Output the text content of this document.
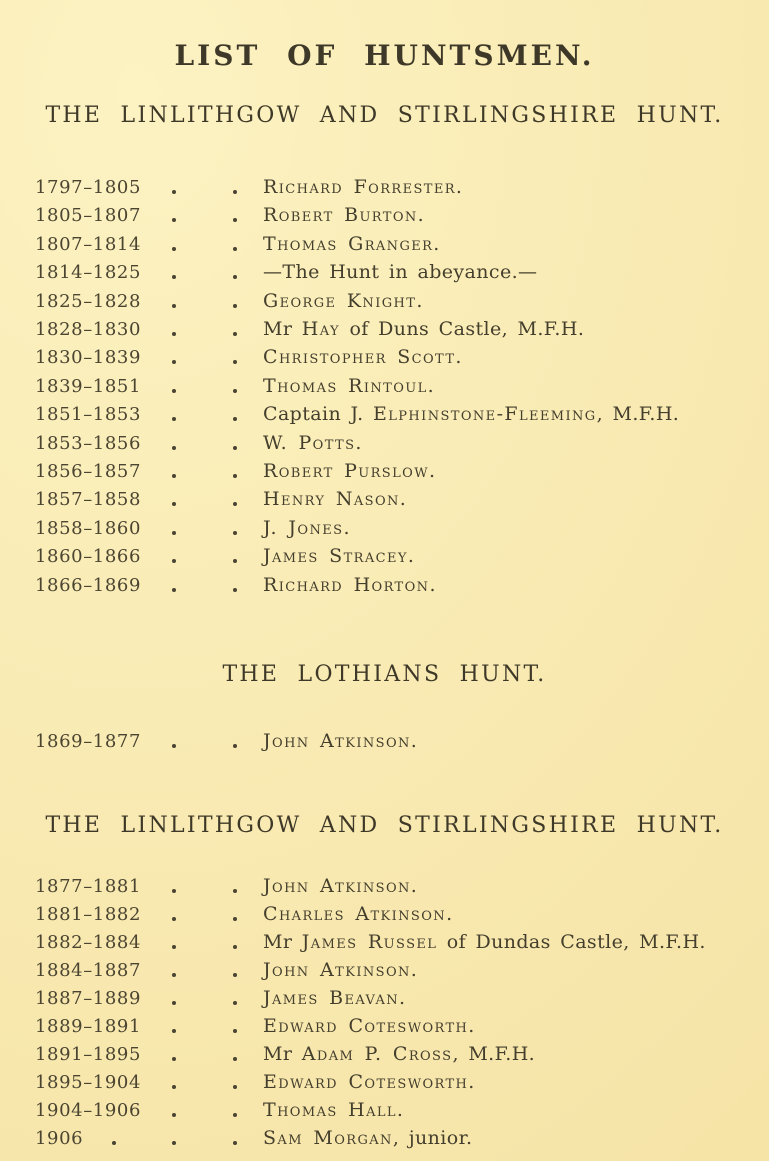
LIST OF HUNTSMEN.
THE LINLITHGOW AND STIRLINGSHIRE HUNT.
1797–1805	Richard Forrester.
1805–1807	Robert Burton.
1807–1814	Thomas Granger.
1814–1825	—The Hunt in abeyance.—
1825–1828	George Knight.
1828–1830	Mr Hay of Duns Castle, M.F.H.
1830–1839	Christopher Scott.
1839–1851	Thomas Rintoul.
1851–1853	Captain J. Elphinstone-Fleeming, M.F.H.
1853–1856	W. Potts.
1856–1857	Robert Purslow.
1857–1858	Henry Nason.
1858–1860	J. Jones.
1860–1866	James Stracey.
1866–1869	Richard Horton.
THE LOTHIANS HUNT.
1869–1877	John Atkinson.
THE LINLITHGOW AND STIRLINGSHIRE HUNT.
1877–1881	John Atkinson.
1881–1882	Charles Atkinson.
1882–1884	Mr James Russel of Dundas Castle, M.F.H.
1884–1887	John Atkinson.
1887–1889	James Beavan.
1889–1891	Edward Cotesworth.
1891–1895	Mr Adam P. Cross, M.F.H.
1895–1904	Edward Cotesworth.
1904–1906	Thomas Hall.
1906	Sam Morgan, junior.
